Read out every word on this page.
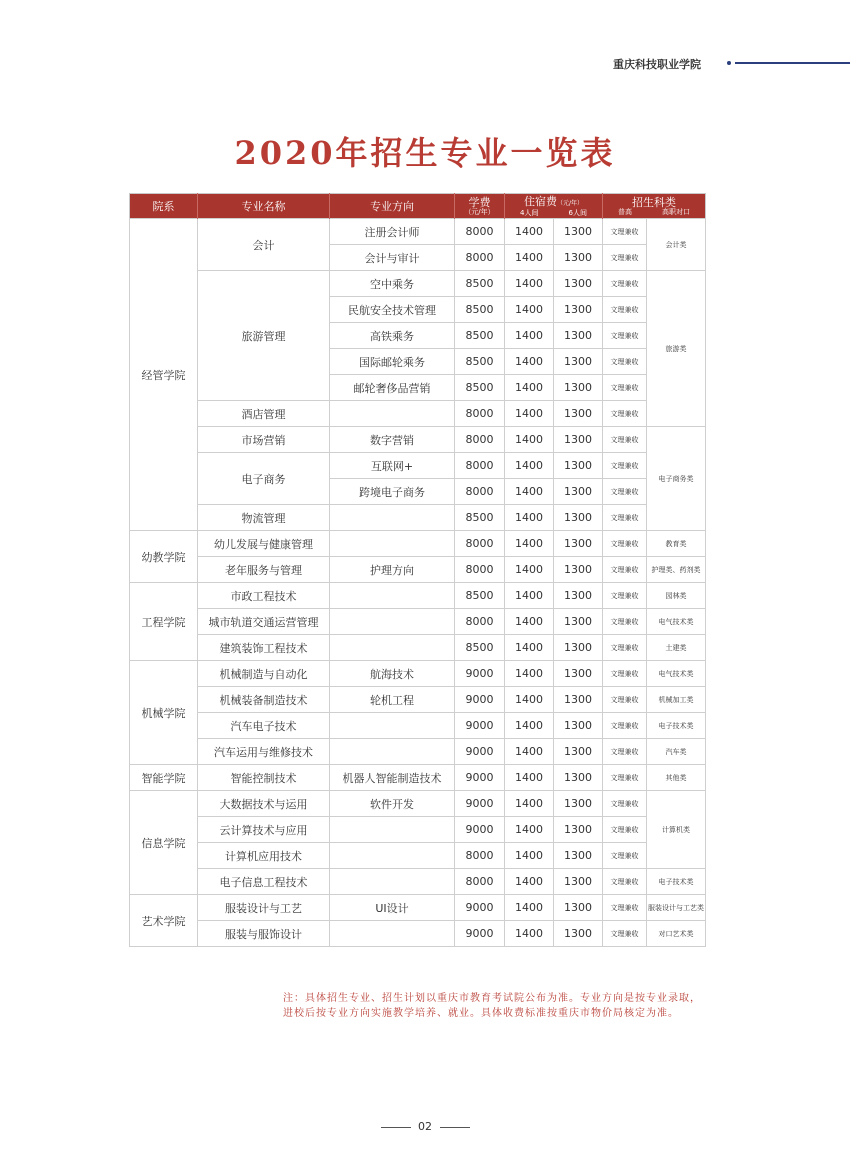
重庆科技职业学院
2020年招生专业一览表
院系	专业名称	专业方向	学费
（元/年）	住宿费（元/年）
4人间 6人间		招生科类
普高 高职对口	

经管学院	会计	注册会计师	8000	1400	1300	文理兼收	会计类
		会计与审计	8000	1400	1300	文理兼收	
	旅游管理	空中乘务	8500	1400	1300	文理兼收	旅游类
		民航安全技术管理	8500	1400	1300	文理兼收	
		高铁乘务	8500	1400	1300	文理兼收	
		国际邮轮乘务	8500	1400	1300	文理兼收	
		邮轮奢侈品营销	8500	1400	1300	文理兼收	
	酒店管理		8000	1400	1300	文理兼收	
	市场营销	数字营销	8000	1400	1300	文理兼收	电子商务类
	电子商务	互联网+	8000	1400	1300	文理兼收	
		跨境电子商务	8000	1400	1300	文理兼收	
	物流管理		8500	1400	1300	文理兼收	
幼教学院	幼儿发展与健康管理		8000	1400	1300	文理兼收	教育类
	老年服务与管理	护理方向	8000	1400	1300	文理兼收	护理类、药剂类
工程学院	市政工程技术		8500	1400	1300	文理兼收	园林类
	城市轨道交通运营管理		8000	1400	1300	文理兼收	电气技术类
	建筑装饰工程技术		8500	1400	1300	文理兼收	土建类
机械学院	机械制造与自动化	航海技术	9000	1400	1300	文理兼收	电气技术类
	机械装备制造技术	轮机工程	9000	1400	1300	文理兼收	机械加工类
	汽车电子技术		9000	1400	1300	文理兼收	电子技术类
	汽车运用与维修技术		9000	1400	1300	文理兼收	汽车类
智能学院	智能控制技术	机器人智能制造技术	9000	1400	1300	文理兼收	其他类
信息学院	大数据技术与运用	软件开发	9000	1400	1300	文理兼收	计算机类
	云计算技术与应用		9000	1400	1300	文理兼收	
	计算机应用技术		8000	1400	1300	文理兼收	
	电子信息工程技术		8000	1400	1300	文理兼收	电子技术类
艺术学院	服装设计与工艺	UI设计	9000	1400	1300	文理兼收	服装设计与工艺类
	服装与服饰设计		9000	1400	1300	文理兼收	对口艺术类
注：具体招生专业、招生计划以重庆市教育考试院公布为准。专业方向是按专业录取，进校后按专业方向实施教学培养、就业。具体收费标准按重庆市物价局核定为准。
02
